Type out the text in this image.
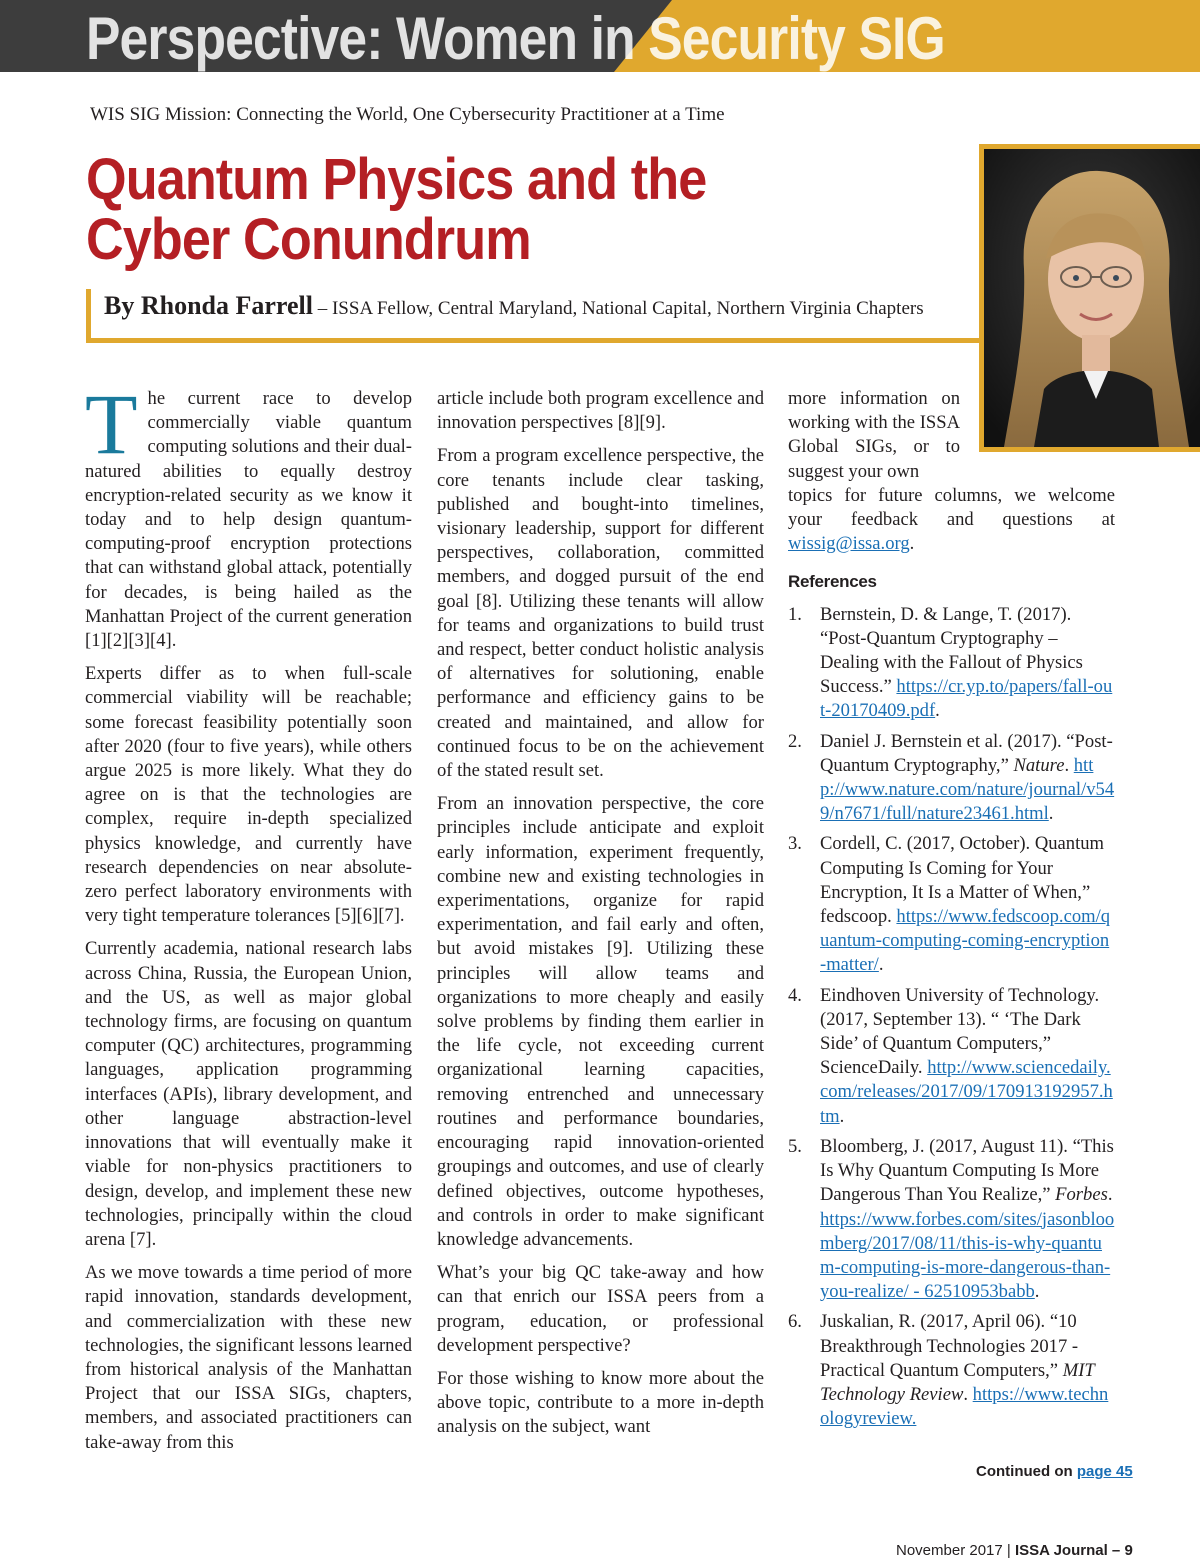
Perspective: Women in Security SIG
WIS SIG Mission: Connecting the World, One Cybersecurity Practitioner at a Time
Quantum Physics and the Cyber Conundrum
By Rhonda Farrell – ISSA Fellow, Central Maryland, National Capital, Northern Virginia Chapters

The current race to develop commercially viable quantum computing solutions and their dual-natured abilities to equally destroy encryption-related security as we know it today and to help design quantum-computing-proof encryption protections that can withstand global attack, potentially for decades, is being hailed as the Manhattan Project of the current generation [1][2][3][4].

Experts differ as to when full-scale commercial viability will be reachable; some forecast feasibility potentially soon after 2020 (four to five years), while others argue 2025 is more likely. What they do agree on is that the technologies are complex, require in-depth specialized physics knowledge, and currently have research dependencies on near absolute-zero perfect laboratory environments with very tight temperature tolerances [5][6][7].

Currently academia, national research labs across China, Russia, the European Union, and the US, as well as major global technology firms, are focusing on quantum computer (QC) architectures, programming languages, application programming interfaces (APIs), library development, and other language abstraction-level innovations that will eventually make it viable for non-physics practitioners to design, develop, and implement these new technologies, principally within the cloud arena [7].

As we move towards a time period of more rapid innovation, standards development, and commercialization with these new technologies, the significant lessons learned from historical analysis of the Manhattan Project that our ISSA SIGs, chapters, members, and associated practitioners can take-away from this

article include both program excellence and innovation perspectives [8][9].

From a program excellence perspective, the core tenants include clear tasking, published and bought-into timelines, visionary leadership, support for different perspectives, collaboration, committed members, and dogged pursuit of the end goal [8]. Utilizing these tenants will allow for teams and organizations to build trust and respect, better conduct holistic analysis of alternatives for solutioning, enable performance and efficiency gains to be created and maintained, and allow for continued focus to be on the achievement of the stated result set.

From an innovation perspective, the core principles include anticipate and exploit early information, experiment frequently, combine new and existing technologies in experimentations, organize for rapid experimentation, and fail early and often, but avoid mistakes [9]. Utilizing these principles will allow teams and organizations to more cheaply and easily solve problems by finding them earlier in the life cycle, not exceeding current organizational learning capacities, removing entrenched and unnecessary routines and performance boundaries, encouraging rapid innovation-oriented groupings and outcomes, and use of clearly defined objectives, outcome hypotheses, and controls in order to make significant knowledge advancements.

What’s your big QC take-away and how can that enrich our ISSA peers from a program, education, or professional development perspective?

For those wishing to know more about the above topic, contribute to a more in-depth analysis on the subject, want

more information on working with the ISSA Global SIGs, or to suggest your own

topics for future columns, we welcome your feedback and questions at wissig@issa.org.

References
1. Bernstein, D. & Lange, T. (2017). “Post-Quantum Cryptography – Dealing with the Fallout of Physics Success.” https://cr.yp.to/papers/fall-out-20170409.pdf.
2. Daniel J. Bernstein et al. (2017). “Post-Quantum Cryptography,” Nature. http://www.nature.com/nature/journal/v549/n7671/full/nature23461.html.
3. Cordell, C. (2017, October). Quantum Computing Is Coming for Your Encryption, It Is a Matter of When,” fedscoop. https://www.fedscoop.com/quantum-computing-coming-encryption-matter/.
4. Eindhoven University of Technology. (2017, September 13). “ ‘The Dark Side’ of Quantum Computers,” ScienceDaily. http://www.sciencedaily.com/releases/2017/09/170913192957.htm.
5. Bloomberg, J. (2017, August 11). “This Is Why Quantum Computing Is More Dangerous Than You Realize,” Forbes. https://www.forbes.com/sites/jasonbloomberg/2017/08/11/this-is-why-quantum-computing-is-more-dangerous-than-you-realize/ - 62510953babb.
6. Juskalian, R. (2017, April 06). “10 Breakthrough Technologies 2017 - Practical Quantum Computers,” MIT Technology Review. https://www.technologyreview.
Continued on page 45
November 2017 | ISSA Journal – 9
